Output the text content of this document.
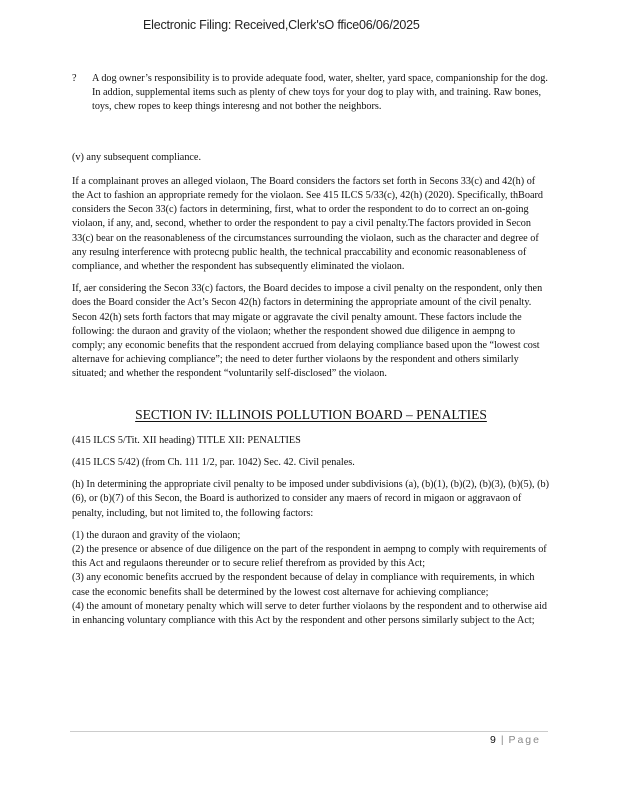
Electronic Filing: Received,Clerk'sO ffice06/06/2025
?	A dog owner’s responsibility is to provide adequate food, water, shelter, yard space, companionship for the dog. In addion, supplemental items such as plenty of chew toys for your dog to play with, and training. Raw bones, toys, chew ropes to keep things interesng and not bother the neighbors.

(v) any subsequent compliance.

If a complainant proves an alleged violaon, The Board considers the factors set forth in Secons 33(c) and 42(h) of the Act to fashion an appropriate remedy for the violaon. See 415 ILCS 5/33(c), 42(h) (2020). Specifically, thBoard considers the Secon 33(c) factors in determining, first, what to order the respondent to do to correct an on-going violaon, if any, and, second, whether to order the respondent to pay a civil penalty.The factors provided in Secon 33(c) bear on the reasonableness of the circumstances surrounding the violaon, such as the character and degree of any resulng interference with protecng public health, the technical praccability and economic reasonableness of compliance, and whether the respondent has subsequently eliminated the violaon.

If, aer considering the Secon 33(c) factors, the Board decides to impose a civil penalty on the respondent, only then does the Board consider the Act’s Secon 42(h) factors in determining the appropriate amount of the civil penalty. Secon 42(h) sets forth factors that may migate or aggravate the civil penalty amount. These factors include the following: the duraon and gravity of the violaon; whether the respondent showed due diligence in aempng to comply; any economic benefits that the respondent accrued from delaying compliance based upon the “lowest cost alternave for achieving compliance”; the need to deter further violaons by the respondent and others similarly situated; and whether the respondent “voluntarily self-disclosed” the violaon.

SECTION IV: ILLINOIS POLLUTION BOARD – PENALTIES

(415 ILCS 5/Tit. XII heading) TITLE XII: PENALTIES

(415 ILCS 5/42) (from Ch. 111 1/2, par. 1042) Sec. 42. Civil penales.

(h) In determining the appropriate civil penalty to be imposed under subdivisions (a), (b)(1), (b)(2), (b)(3), (b)(5), (b)(6), or (b)(7) of this Secon, the Board is authorized to consider any maers of record in migaon or aggravaon of penalty, including, but not limited to, the following factors:

(1) the duraon and gravity of the violaon;

(2) the presence or absence of due diligence on the part of the respondent in aempng to comply with requirements of this Act and regulaons thereunder or to secure relief therefrom as provided by this Act;

(3) any economic benefits accrued by the respondent because of delay in compliance with requirements, in which case the economic benefits shall be determined by the lowest cost alternave for achieving compliance;

(4) the amount of monetary penalty which will serve to deter further violaons by the respondent and to otherwise aid in enhancing voluntary compliance with this Act by the respondent and other persons similarly subject to the Act;

9 | Page
